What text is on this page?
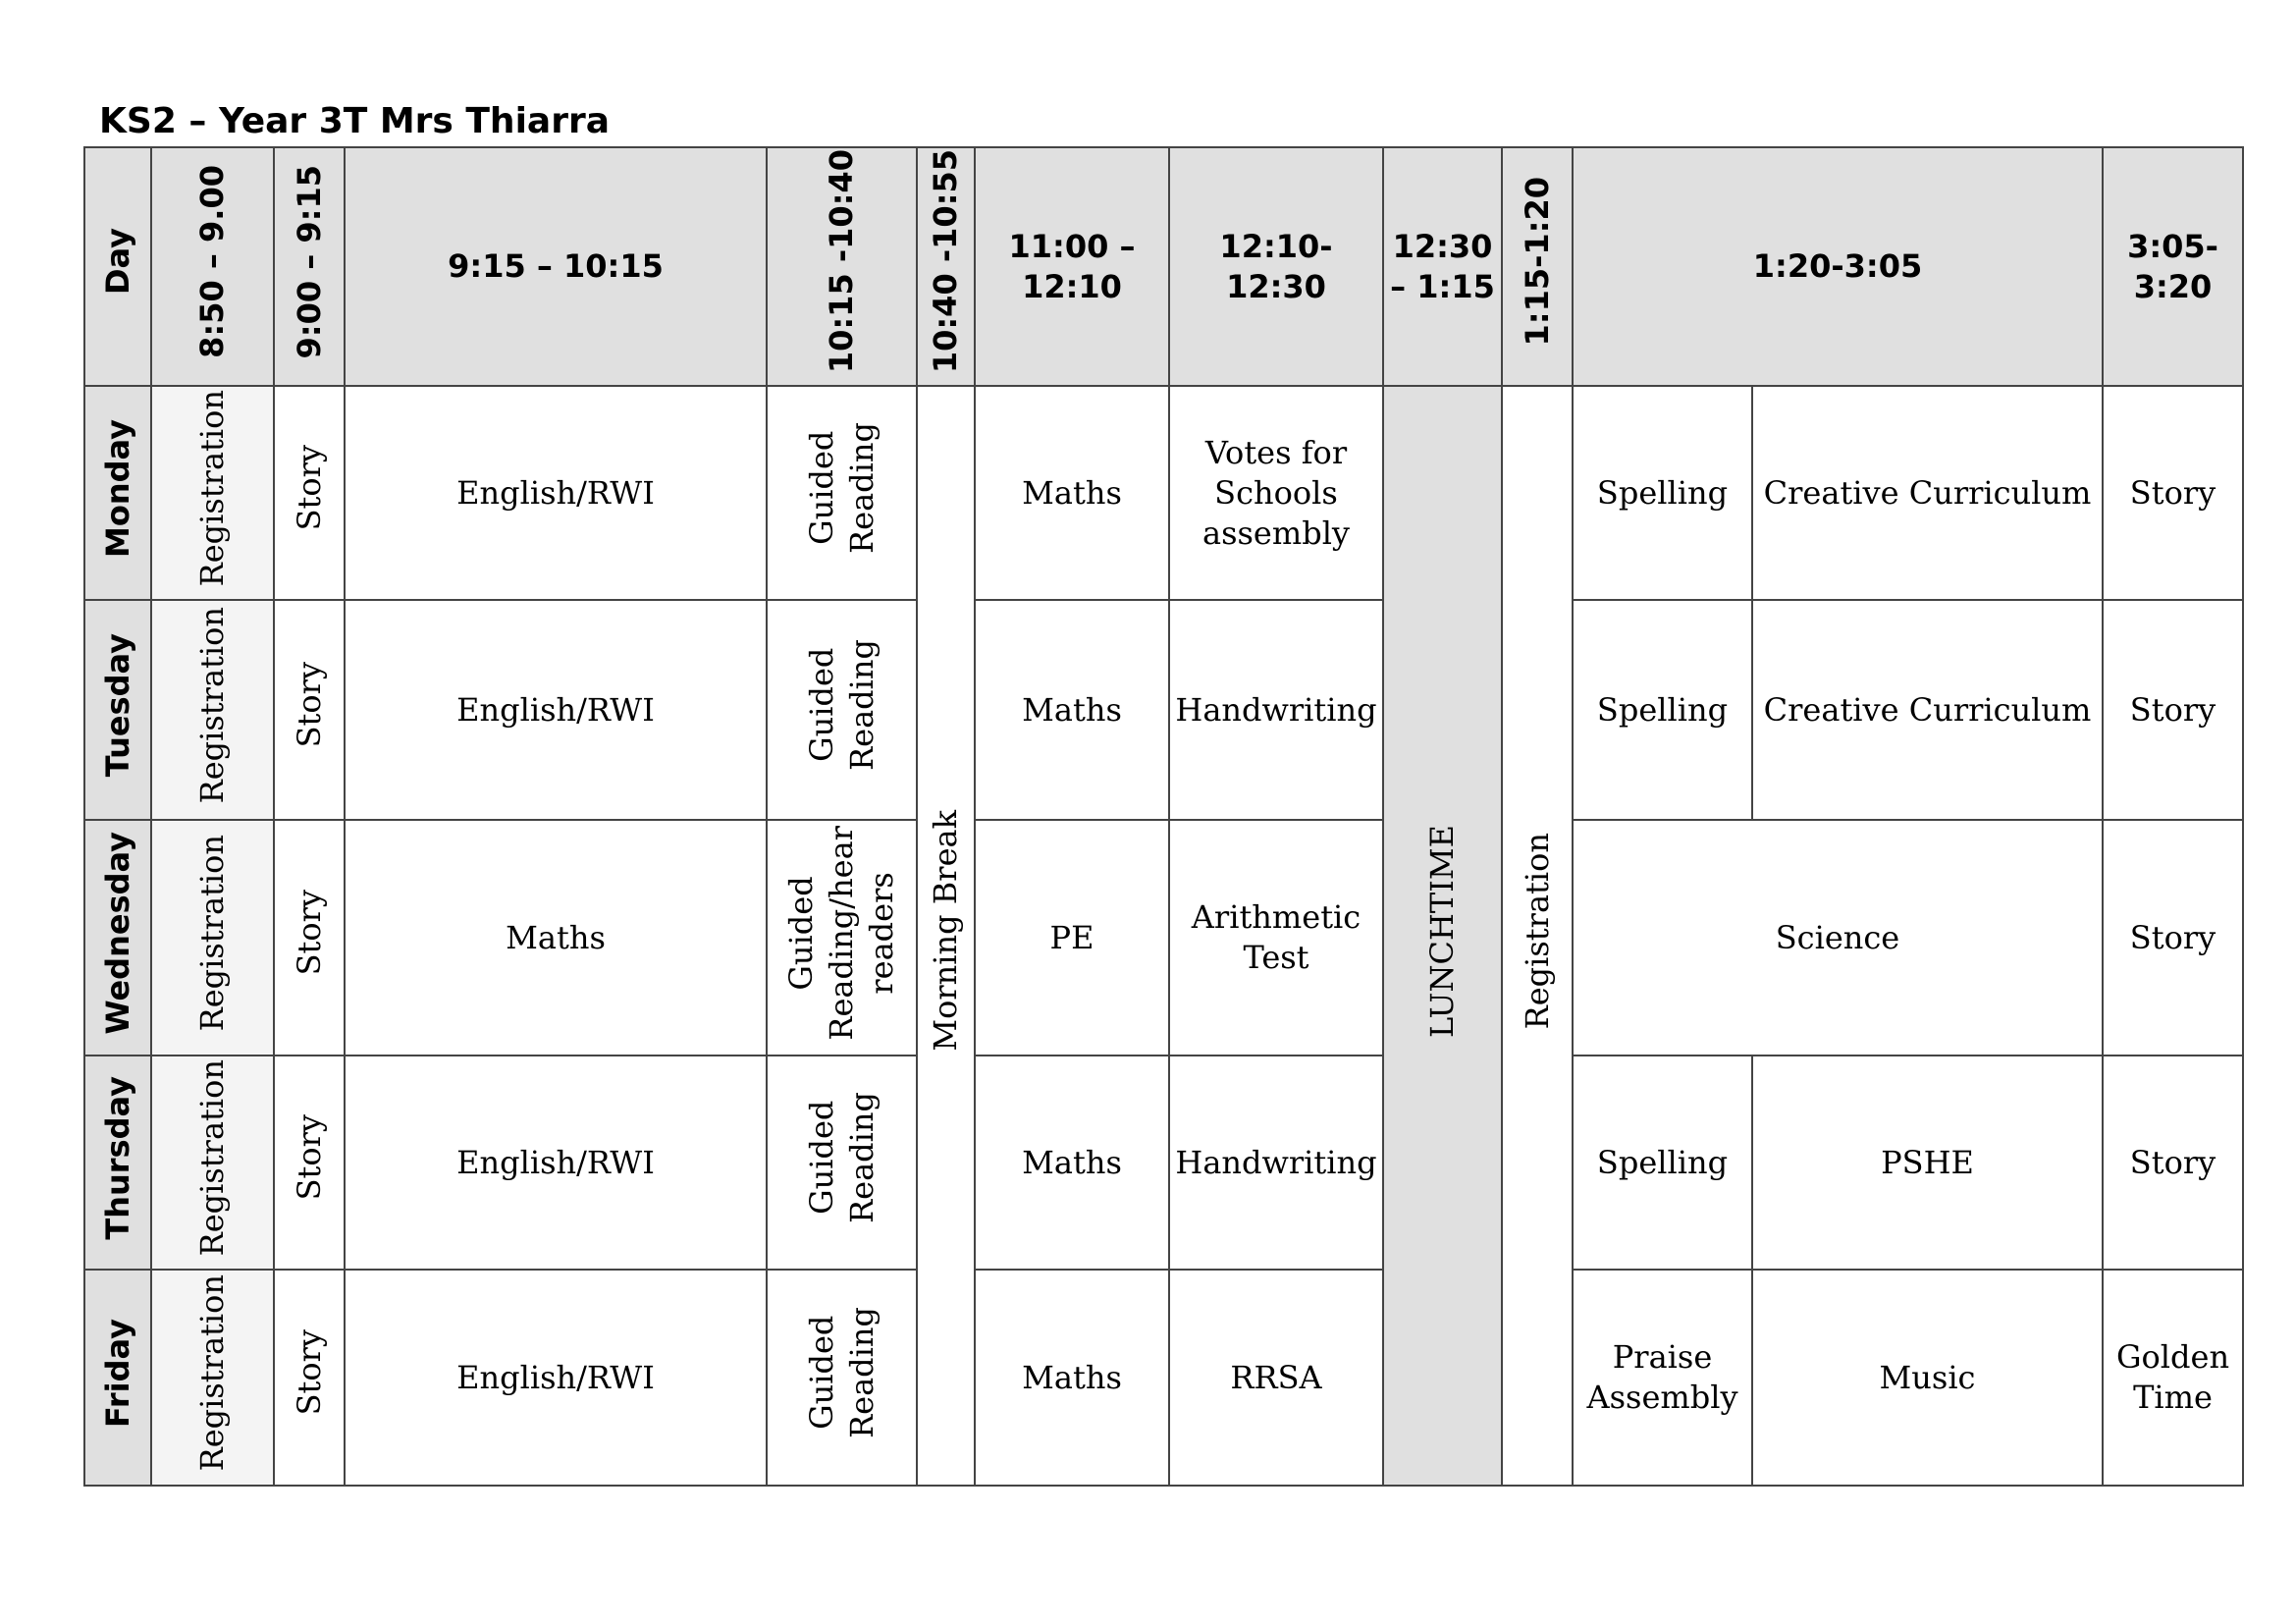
KS2 – Year 3T Mrs Thiarra
Day	8:50 – 9.00	9:00 – 9:15	9:15 – 10:15	10:15 -10:40	10:40 -10:55	11:00 –
12:10	12:10-12:30	12:30
– 1:15	1:15-1:20	1:20-3:05		3:05-
3:20
Monday	Registration	Story	English/RWI	Guided
Reading	Morning Break	Maths	Votes for
Schools
assembly	LUNCHTIME	Registration	Spelling	Creative Curriculum	Story
Tuesday	Registration	Story	English/RWI	Guided
Reading		Maths	Handwriting			Spelling	Creative Curriculum	Story
Wednesday	Registration	Story	Maths	Guided
Reading/hear
readers		PE	Arithmetic
Test			Science		Story
Thursday	Registration	Story	English/RWI	Guided
Reading		Maths	Handwriting			Spelling	PSHE	Story
Friday	Registration	Story	English/RWI	Guided
Reading		Maths	RRSA			Praise Assembly	Music	Golden
Time
